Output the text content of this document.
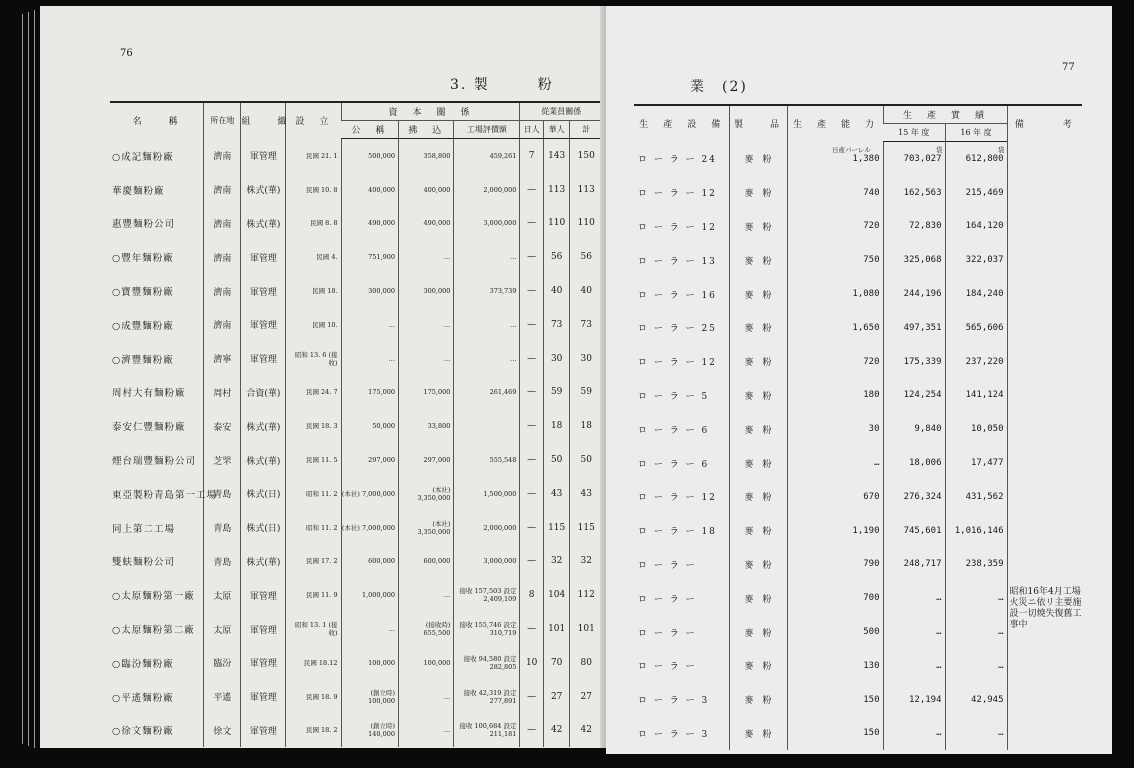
76
3. 製　　　粉
名　　稱	所在地	組　　織	設　立	資　本　關　係			從業員關係		
				公　稱	拂　込	工場評價額	日人	華人	計
○成記麵粉廠	濟南	軍管理	民國 21. 1	500,000	358,800	459,261	7	143	150
華慶麵粉廠	濟南	株式(華)	民國 10. 8	400,000	400,000	2,000,000	—	113	113
惠豐麵粉公司	濟南	株式(華)	民國 8. 8	490,000	490,000	3,000,000	—	110	110
○豐年麵粉廠	濟南	軍管理	民國 4.	751,900	…	…	—	56	56
○寶豐麵粉廠	濟南	軍管理	民國 18.	300,000	300,000	373,739	—	40	40
○成豐麵粉廠	濟南	軍管理	民國 10.	…	…	…	—	73	73
○濟豐麵粉廠	濟寧	軍管理	昭和 13. 6 (接收)	…	…	…	—	30	30
周村大有麵粉廠	周村	合資(華)	民國 24. 7	175,000	175,000	261,469	—	59	59
泰安仁豐麵粉廠	泰安	株式(華)	民國 18. 3	50,000	33,800		—	18	18
煙台瑞豐麵粉公司	芝罘	株式(華)	民國 11. 5	297,000	297,000	555,548	—	50	50
東亞製粉青島第一工場	青島	株式(日)	昭和 11. 2	(本社) 7,000,000	(本社) 3,350,000	1,500,000	—	43	43
同上第二工場	青島	株式(日)	昭和 11. 2	(本社) 7,000,000	(本社) 3,350,000	2,000,000	—	115	115
雙蚨麵粉公司	青島	株式(華)	民國 17. 2	600,000	600,000	3,000,000	—	32	32
○太原麵粉第一廠	太原	軍管理	民國 11. 9	1,000,000	…	接收 157,503 設定 2,409,109	8	104	112
○太原麵粉第二廠	太原	軍管理	昭和 13. 1 (接收)	…	(接收時) 655,500	接收 155,746 設定 310,719	—	101	101
○臨汾麵粉廠	臨汾	軍管理	民國 18.12	100,000	100,000	接收 94,580 設定 282,805	10	70	80
○平遙麵粉廠	平遙	軍管理	民國 18. 9	(創立時) 100,000	…	接收 42,319 設定 277,891	—	27	27
○徐文麵粉廠	徐文	軍管理	民國 18. 2	(創立時) 140,000	…	接收 100,684 設定 211,181	—	42	42
77
業　(2)
生　產　設　備	製　　品	生　產　能　力	生　產　實　績		備　　　考
			15 年 度	16 年 度	
ロ ー ラ ー 24	麥　粉	1,380	703,027	612,800	
ロ ー ラ ー 12	麥　粉	740	162,563	215,469	
ロ ー ラ ー 12	麥　粉	720	72,830	164,120	
ロ ー ラ ー 13	麥　粉	750	325,068	322,037	
ロ ー ラ ー 16	麥　粉	1,080	244,196	184,240	
ロ ー ラ ー 25	麥　粉	1,650	497,351	565,606	
ロ ー ラ ー 12	麥　粉	720	175,339	237,220	
ロ ー ラ ー 5	麥　粉	180	124,254	141,124	
ロ ー ラ ー 6	麥　粉	30	9,840	10,050	
ロ ー ラ ー 6	麥　粉	…	18,006	17,477	
ロ ー ラ ー 12	麥　粉	670	276,324	431,562	
ロ ー ラ ー 18	麥　粉	1,190	745,601	1,016,146	
ロ ー ラ ー	麥　粉	790	248,717	238,359	
ロ ー ラ ー	麥　粉	700	…	…	昭和16年4月工場火災ニ依リ主要施設一切燒失復舊工事中
ロ ー ラ ー	麥　粉	500	…	…	
ロ ー ラ ー	麥　粉	130	…	…	
ロ ー ラ ー 3	麥　粉	150	12,194	42,945	
ロ ー ラ ー 3	麥　粉	150	…	…	
日產バーレル	袋	袋
